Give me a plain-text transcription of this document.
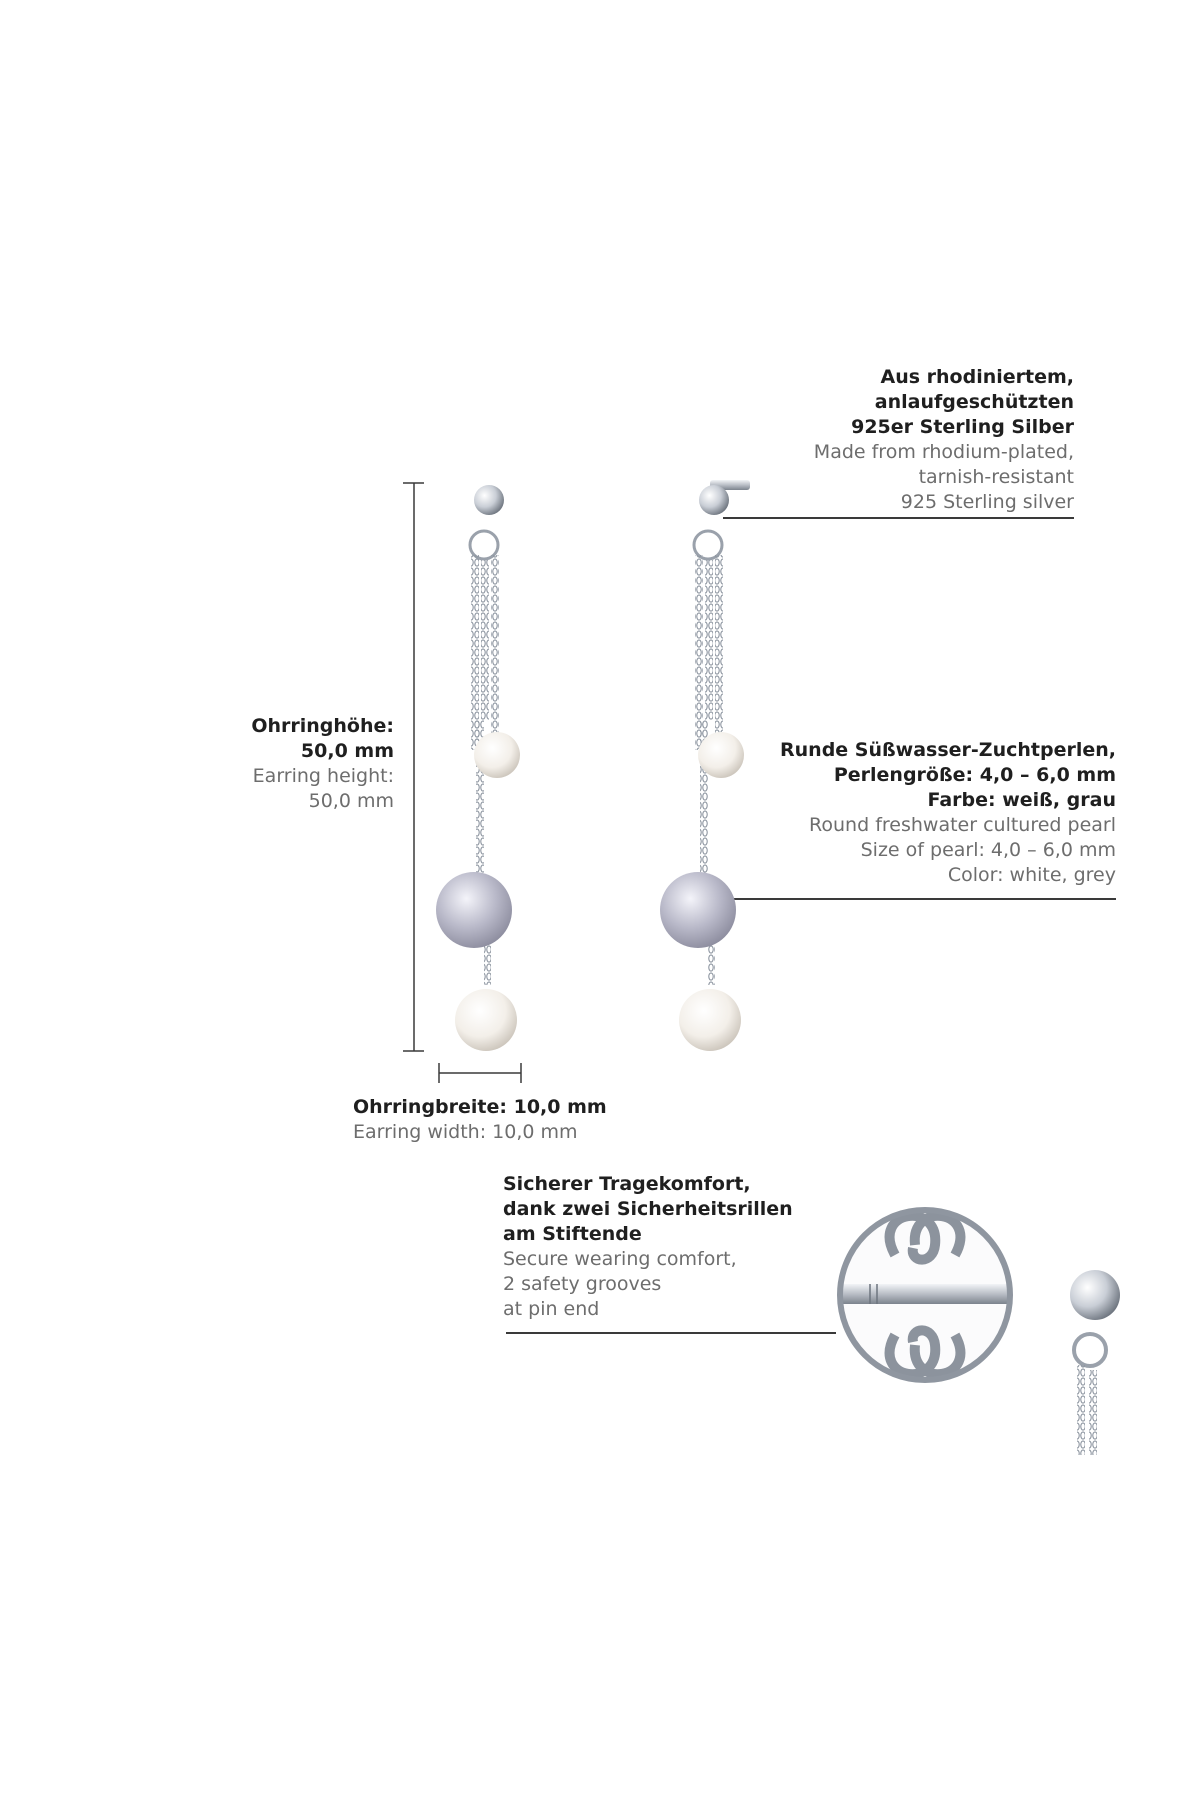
Aus rhodiniertem,
anlaufgeschützten
925er Sterling Silber
Made from rhodium-plated,
tarnish-resistant
925 Sterling silver
Ohrringhöhe:
50,0 mm
Earring height:
50,0 mm
Runde Süßwasser-Zuchtperlen,
Perlengröße: 4,0 – 6,0 mm
Farbe: weiß, grau
Round freshwater cultured pearl
Size of pearl: 4,0 – 6,0 mm
Color: white, grey
Ohrringbreite: 10,0 mm
Earring width: 10,0 mm
Sicherer Tragekomfort,
dank zwei Sicherheitsrillen
am Stiftende
Secure wearing comfort,
2 safety grooves
at pin end
